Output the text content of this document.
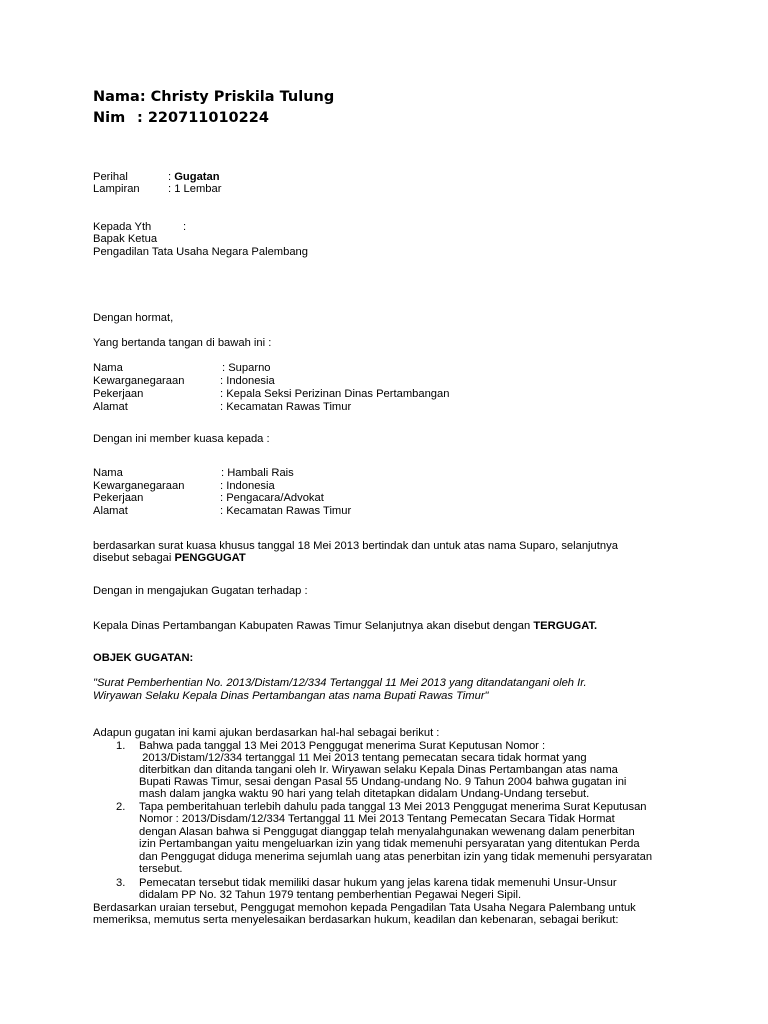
Nama: Christy Priskila Tulung
Nim : 220711010224
Perihal	: Gugatan
Lampiran	: 1 Lembar
Kepada Yth	:
Bapak Ketua
Pengadilan Tata Usaha Negara Palembang
Dengan hormat,
Yang bertanda tangan di bawah ini :
Nama	: Suparno
Kewarganegaraan	: Indonesia
Pekerjaan	: Kepala Seksi Perizinan Dinas Pertambangan
Alamat	: Kecamatan Rawas Timur
Dengan ini member kuasa kepada :
Nama	: Hambali Rais
Kewarganegaraan	: Indonesia
Pekerjaan	: Pengacara/Advokat
Alamat	: Kecamatan Rawas Timur
berdasarkan surat kuasa khusus tanggal 18 Mei 2013 bertindak dan untuk atas nama Suparo, selanjutnya
disebut sebagai PENGGUGAT
Dengan in mengajukan Gugatan terhadap :
Kepala Dinas Pertambangan Kabupaten Rawas Timur Selanjutnya akan disebut dengan TERGUGAT.
OBJEK GUGATAN:
"Surat Pemberhentian No. 2013/Distam/12/334 Tertanggal 11 Mei 2013 yang ditandatangani oleh Ir.
Wiryawan Selaku Kepala Dinas Pertambangan atas nama Bupati Rawas Timur"
Adapun gugatan ini kami ajukan berdasarkan hal-hal sebagai berikut :
1. Bahwa pada tanggal 13 Mei 2013 Penggugat menerima Surat Keputusan Nomor :
2013/Distam/12/334 tertanggal 11 Mei 2013 tentang pemecatan secara tidak hormat yang
diterbitkan dan ditanda tangani oleh Ir. Wiryawan selaku Kepala Dinas Pertambangan atas nama
Bupati Rawas Timur, sesai dengan Pasal 55 Undang-undang No. 9 Tahun 2004 bahwa gugatan ini
mash dalam jangka waktu 90 hari yang telah ditetapkan didalam Undang-Undang tersebut.
2. Tapa pemberitahuan terlebih dahulu pada tanggal 13 Mei 2013 Penggugat menerima Surat Keputusan
Nomor : 2013/Disdam/12/334 Tertanggal 11 Mei 2013 Tentang Pemecatan Secara Tidak Hormat
dengan Alasan bahwa si Penggugat dianggap telah menyalahgunakan wewenang dalam penerbitan
izin Pertambangan yaitu mengeluarkan izin yang tidak memenuhi persyaratan yang ditentukan Perda
dan Penggugat diduga menerima sejumlah uang atas penerbitan izin yang tidak memenuhi persyaratan
tersebut.
3. Pemecatan tersebut tidak memiliki dasar hukum yang jelas karena tidak memenuhi Unsur-Unsur
didalam PP No. 32 Tahun 1979 tentang pemberhentian Pegawai Negeri Sipil.
Berdasarkan uraian tersebut, Penggugat memohon kepada Pengadilan Tata Usaha Negara Palembang untuk
memeriksa, memutus serta menyelesaikan berdasarkan hukum, keadilan dan kebenaran, sebagai berikut:
